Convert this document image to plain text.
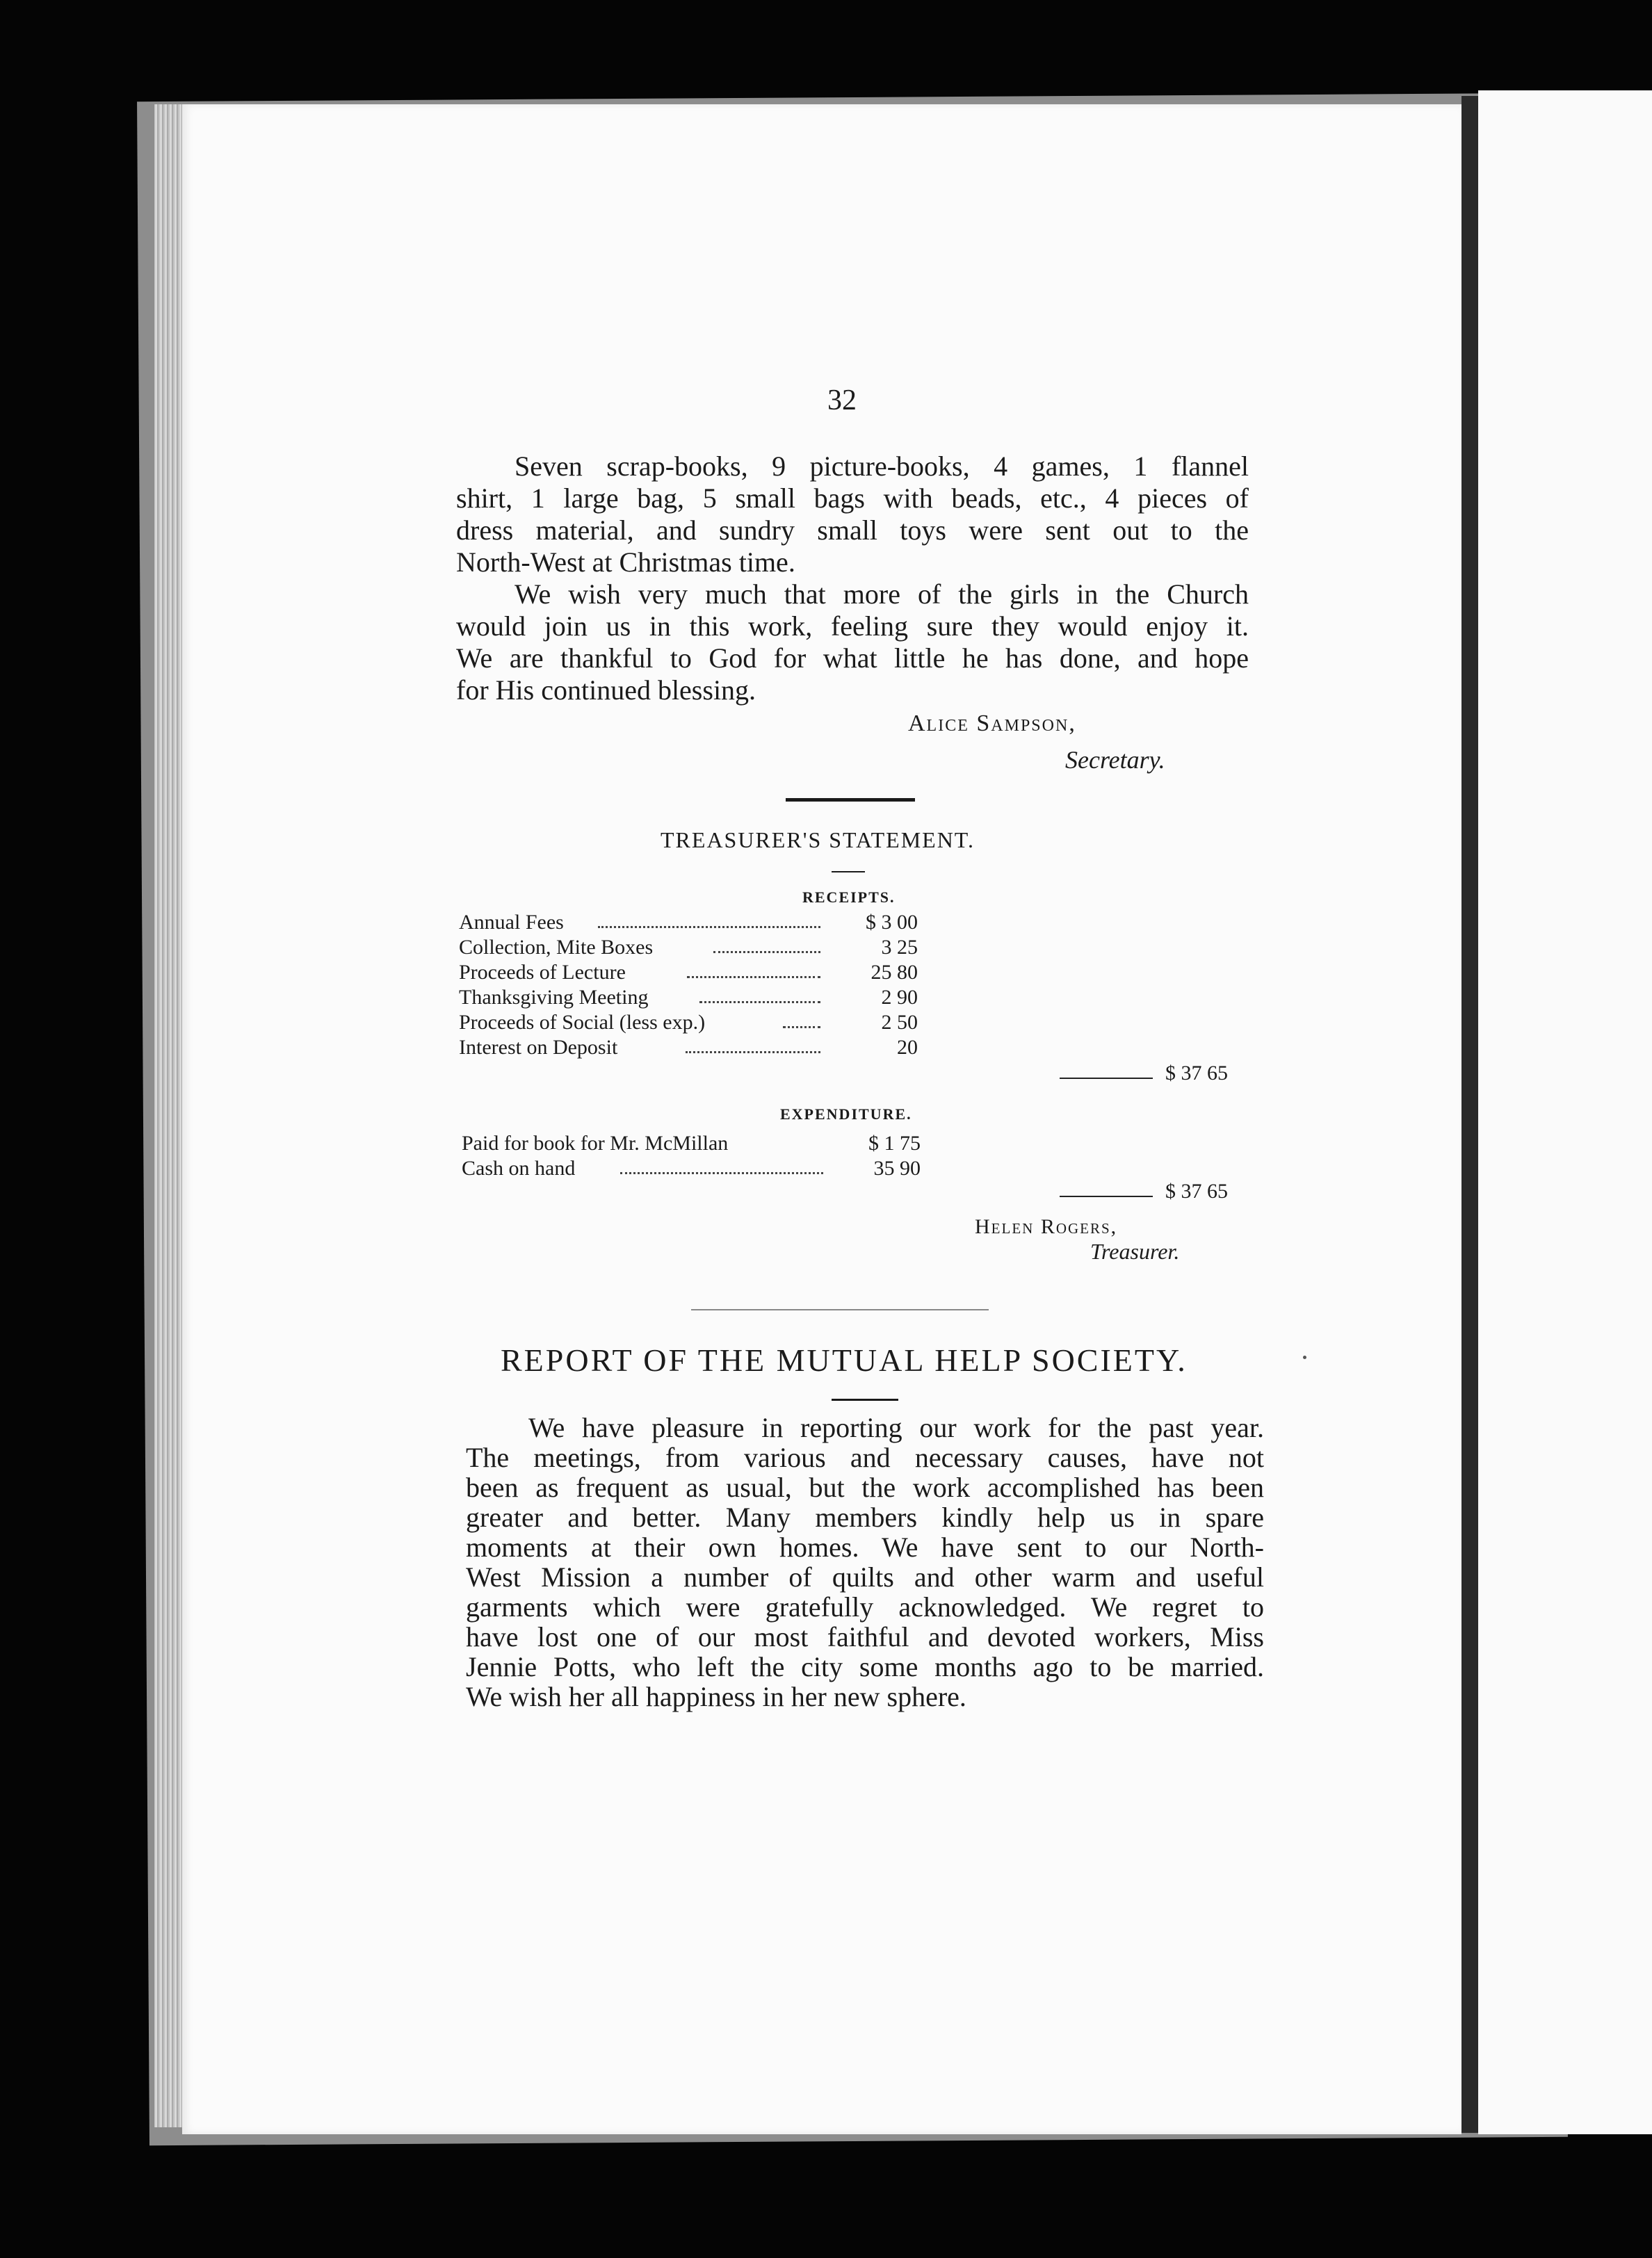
32
Seven scrap-books, 9 picture-books, 4 games, 1 flannel
shirt, 1 large bag, 5 small bags with beads, etc., 4 pieces of
dress material, and sundry small toys were sent out to the
North-West at Christmas time.
We wish very much that more of the girls in the Church
would join us in this work, feeling sure they would enjoy it.
We are thankful to God for what little he has done, and hope
for His continued blessing.
Alice Sampson,
Secretary.
TREASURER'S STATEMENT.
RECEIPTS.
Annual Fees	$ 3 00
Collection, Mite Boxes	3 25
Proceeds of Lecture	25 80
Thanksgiving Meeting	2 90
Proceeds of Social (less exp.)	2 50
Interest on Deposit	20
$ 37 65
EXPENDITURE.
Paid for book for Mr. McMillan	$ 1 75
Cash on hand	35 90
$ 37 65
Helen Rogers,
Treasurer.
REPORT OF THE MUTUAL HELP SOCIETY.
We have pleasure in reporting our work for the past year.
The meetings, from various and necessary causes, have not
been as frequent as usual, but the work accomplished has been
greater and better. Many members kindly help us in spare
moments at their own homes. We have sent to our North-
West Mission a number of quilts and other warm and useful
garments which were gratefully acknowledged. We regret to
have lost one of our most faithful and devoted workers, Miss
Jennie Potts, who left the city some months ago to be married.
We wish her all happiness in her new sphere.
